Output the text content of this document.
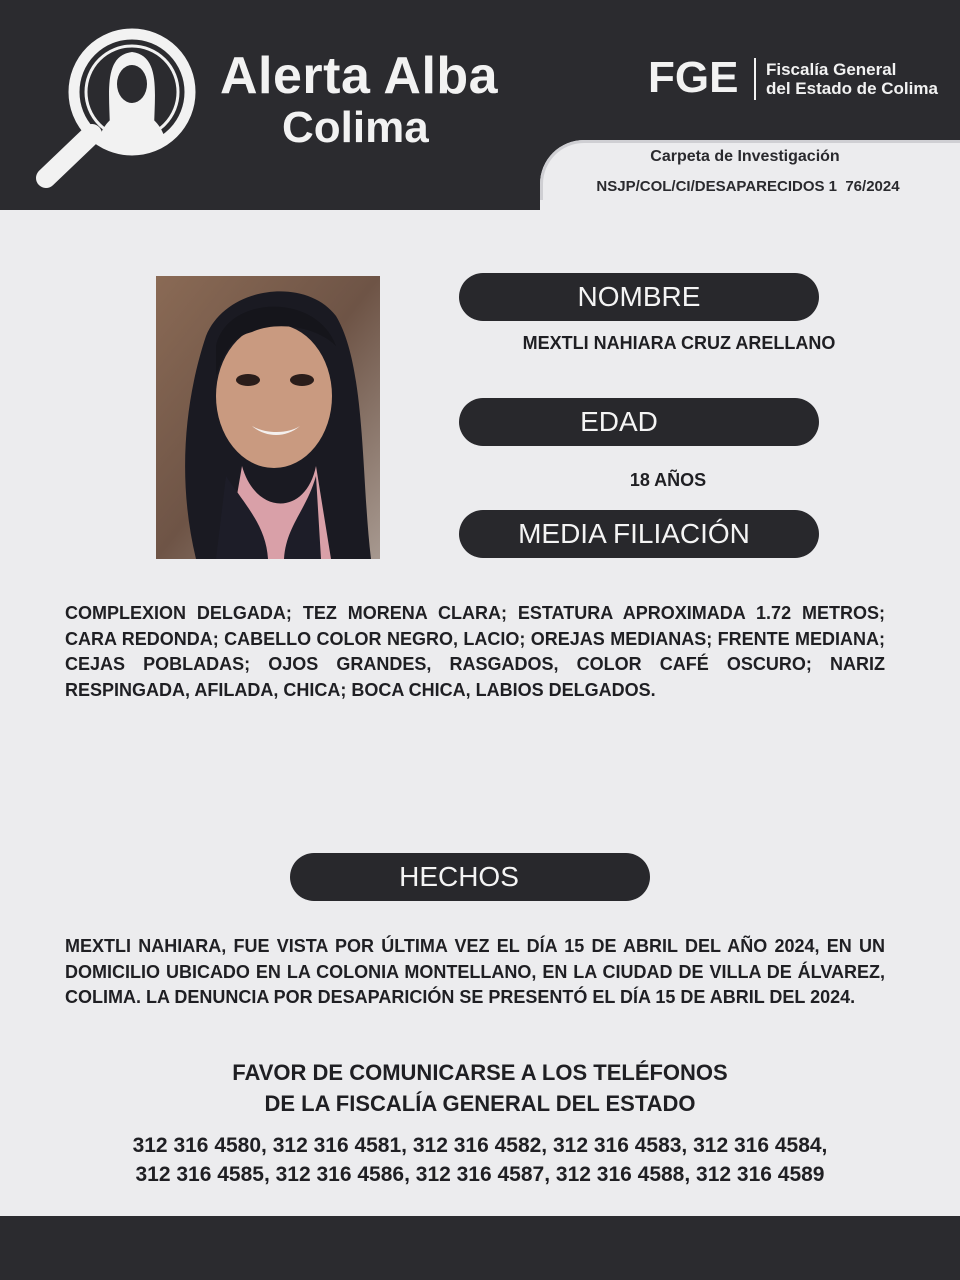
Alerta Alba
Colima
FGE Fiscalía General
del Estado de Colima
Carpeta de Investigación
NSJP/COL/CI/DESAPARECIDOS 1  76/2024
NOMBRE
MEXTLI NAHIARA CRUZ ARELLANO
EDAD
18 AÑOS
MEDIA FILIACIÓN
COMPLEXION DELGADA; TEZ MORENA CLARA; ESTATURA APROXIMADA 1.72 METROS; CARA REDONDA; CABELLO COLOR NEGRO, LACIO; OREJAS MEDIANAS; FRENTE MEDIANA; CEJAS POBLADAS; OJOS GRANDES, RASGADOS, COLOR CAFÉ OSCURO; NARIZ RESPINGADA, AFILADA, CHICA; BOCA CHICA, LABIOS DELGADOS.
HECHOS
MEXTLI NAHIARA, FUE VISTA POR ÚLTIMA VEZ EL DÍA 15 DE ABRIL DEL AÑO 2024, EN UN DOMICILIO UBICADO EN LA COLONIA MONTELLANO, EN LA CIUDAD DE VILLA DE ÁLVAREZ, COLIMA. LA DENUNCIA POR DESAPARICIÓN SE PRESENTÓ EL DÍA 15 DE ABRIL DEL 2024.
FAVOR DE COMUNICARSE A LOS TELÉFONOS
DE LA FISCALÍA GENERAL DEL ESTADO
312 316 4580, 312 316 4581, 312 316 4582, 312 316 4583, 312 316 4584,
312 316 4585, 312 316 4586, 312 316 4587, 312 316 4588, 312 316 4589
